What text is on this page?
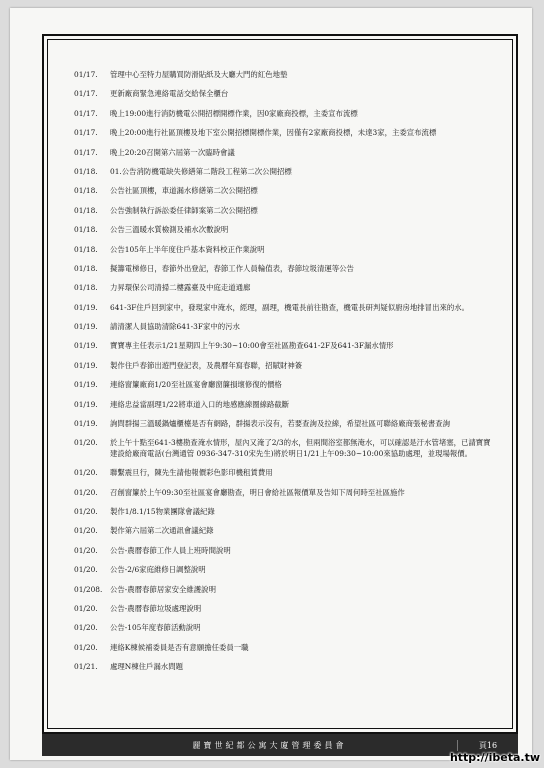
01/17.	管理中心至特力屋購買防滑貼紙及大廳大門的紅色地墊
01/17.	更新廠商緊急連絡電話交給保全櫃台
01/17.	晚上19:00進行消防機電公開招標開標作業，因0家廠商投標，主委宣布流標
01/17.	晚上20:00進行社區頂樓及地下室公開招標開標作業，因僅有2家廠商投標，未達3家，主委宣布流標
01/17.	晚上20:20召開第六屆第一次臨時會議
01/18.	01.公告消防機電缺失修繕第二階段工程第二次公開招標
01/18.	公告社區頂樓，車道漏水修繕第二次公開招標
01/18.	公告強制執行訴訟委任律師案第二次公開招標
01/18.	公告三溫暖水質檢測及補水次數說明
01/18.	公告105年上半年度住戶基本資料校正作業說明
01/18.	擬籌電梯修日，春節外出登記，春節工作人員輪值表，春節垃圾清運等公告
01/18.	力昇環保公司清掃二樓露臺及中庭走道通廊
01/19.	641-3F住戶回到家中，發現家中淹水，經理，副理，機電長前往勘查，機電長研判疑似廚房地排冒出來的水。
01/19.	請清潔人員協助清除641-3F家中的污水
01/19.	寶寶專主任表示1/21星期四上午9:30~10:00會至社區勘查641-2F及641-3F漏水情形
01/19.	製作住戶春節出遊門登記表，及農曆年寫春聯，招賦財神簽
01/19.	連絡窗簾廠商1/20至社區宴會廳窗簾損壞修復的價格
01/19.	連絡忠益當副理1/22將車道入口的地感應線圈線路截斷
01/19.	詢問群揚三溫暖鍋爐櫃檯是否有網路，群揚表示沒有，若要查詢及拉線，希望社區可聯絡廠商張秘書查詢
01/20.	於上午十點至641-3樓勘查淹水情形，屋內又淹了2/3的水，但兩間浴室都無淹水，可以確認是汙水管堵塞，已請寶寶建設給廠商電話(台灣通管 0936-347-310宋先生)將於明日1/21上午09:30~10:00來協助處理，並現場報價。
01/20.	聯繫震旦行，陳先生請他報價彩色影印機租賃費用
01/20.	召創窗簾於上午09:30至社區宴會廳勘查，明日會給社區報價單及告知下周何時至社區施作
01/20.	製作1/8.1/15物業團隊會議紀錄
01/20.	製作第六屆第二次通訊會議紀錄
01/20.	公告-農曆春節工作人員上班時間說明
01/20.	公告-2/6家庭維修日調整說明
01/208.	公告-農曆春節居家安全維護說明
01/20.	公告-農曆春節垃圾處理說明
01/20.	公告-105年度春節活動說明
01/20.	連絡K棟候補委員是否有意願擔任委員一職
01/21.	處理N棟住戶漏水問題
麗寶世紀都公寓大廈管理委員會	頁16
http://ibeta.tw
